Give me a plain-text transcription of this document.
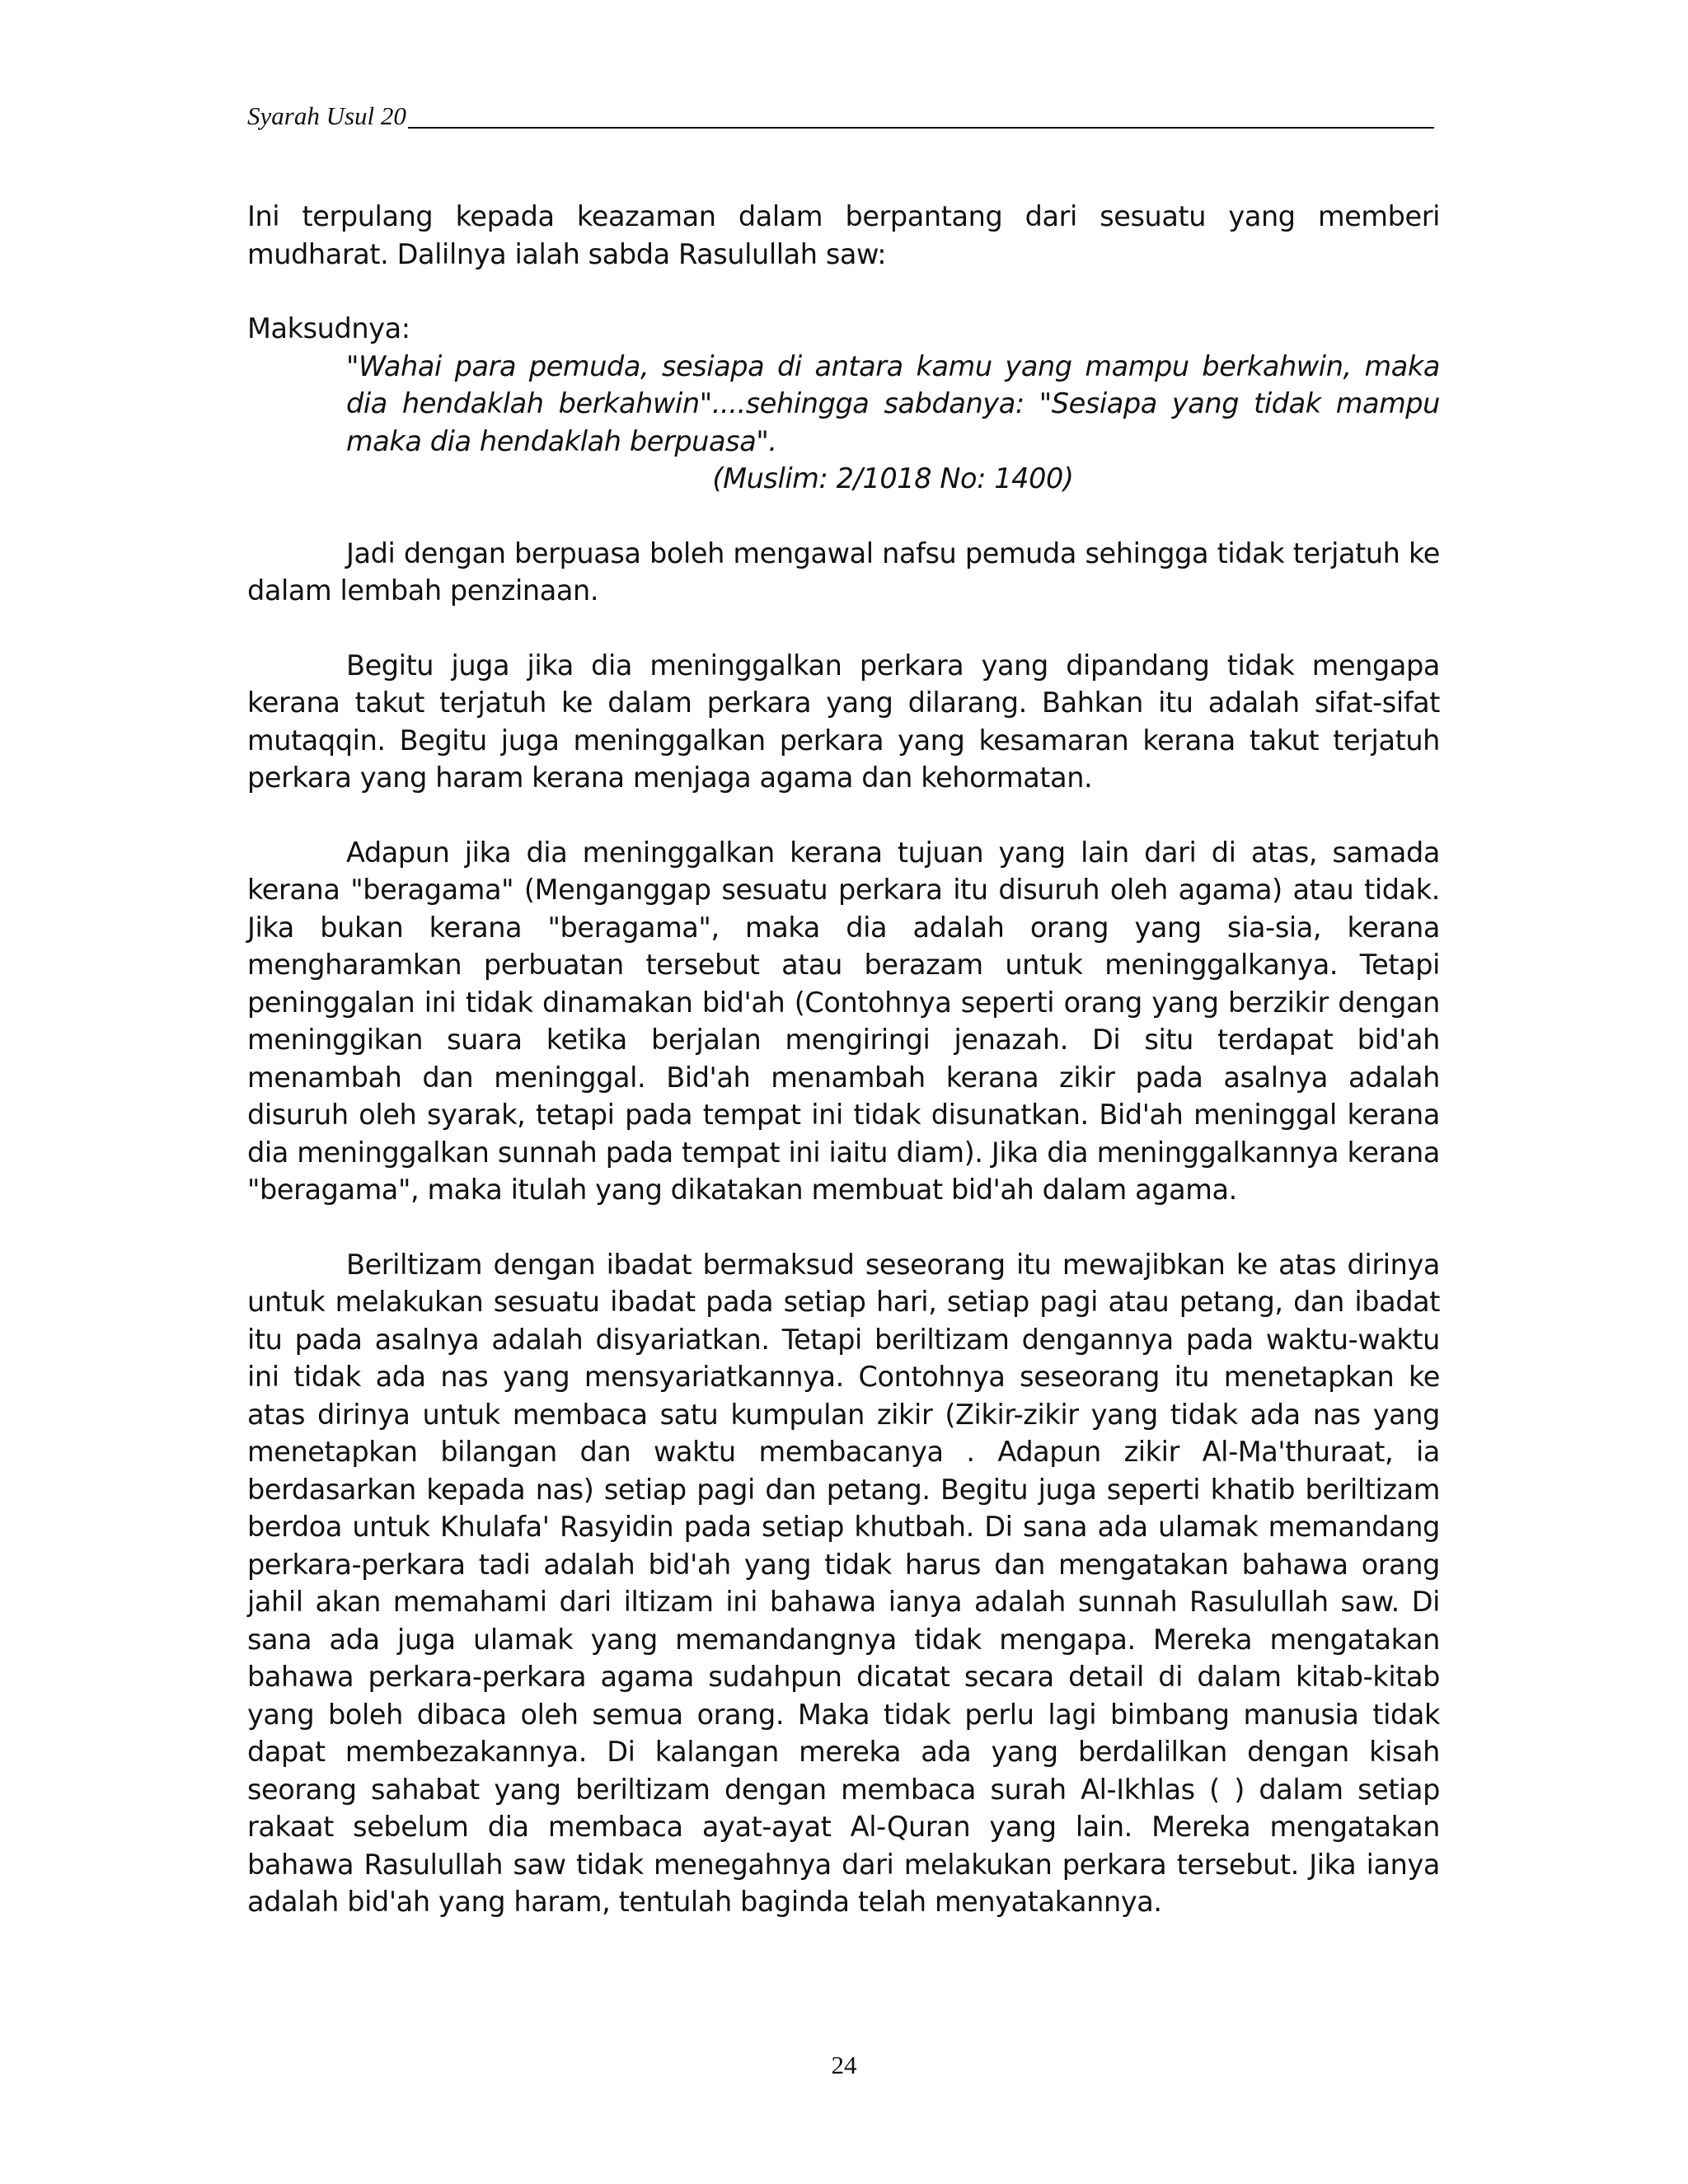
Syarah Usul 20

Ini terpulang kepada keazaman dalam berpantang dari sesuatu yang memberi mudharat. Dalilnya ialah sabda Rasulullah saw:

Maksudnya:

"Wahai para pemuda, sesiapa di antara kamu yang mampu berkahwin, maka dia hendaklah berkahwin"....sehingga sabdanya: "Sesiapa yang tidak mampu maka dia hendaklah berpuasa".

(Muslim: 2/1018 No: 1400)

Jadi dengan berpuasa boleh mengawal nafsu pemuda sehingga tidak terjatuh ke dalam lembah penzinaan.

Begitu juga jika dia meninggalkan perkara yang dipandang tidak mengapa kerana takut terjatuh ke dalam perkara yang dilarang. Bahkan itu adalah sifat-sifat mutaqqin. Begitu juga meninggalkan perkara yang kesamaran kerana takut terjatuh perkara yang haram kerana menjaga agama dan kehormatan.

Adapun jika dia meninggalkan kerana tujuan yang lain dari di atas, samada kerana "beragama" (Menganggap sesuatu perkara itu disuruh oleh agama) atau tidak. Jika bukan kerana "beragama", maka dia adalah orang yang sia-sia, kerana mengharamkan perbuatan tersebut atau berazam untuk meninggalkanya. Tetapi peninggalan ini tidak dinamakan bid'ah (Contohnya seperti orang yang berzikir dengan meninggikan suara ketika berjalan mengiringi jenazah. Di situ terdapat bid'ah menambah dan meninggal. Bid'ah menambah kerana zikir pada asalnya adalah disuruh oleh syarak, tetapi pada tempat ini tidak disunatkan. Bid'ah meninggal kerana dia meninggalkan sunnah pada tempat ini iaitu diam). Jika dia meninggalkannya kerana "beragama", maka itulah yang dikatakan membuat bid'ah dalam agama.

Beriltizam dengan ibadat bermaksud seseorang itu mewajibkan ke atas dirinya untuk melakukan sesuatu ibadat pada setiap hari, setiap pagi atau petang, dan ibadat itu pada asalnya adalah disyariatkan. Tetapi beriltizam dengannya pada waktu-waktu ini tidak ada nas yang mensyariatkannya. Contohnya seseorang itu menetapkan ke atas dirinya untuk membaca satu kumpulan zikir (Zikir-zikir yang tidak ada nas yang menetapkan bilangan dan waktu membacanya . Adapun zikir Al-Ma'thuraat, ia berdasarkan kepada nas) setiap pagi dan petang. Begitu juga seperti khatib beriltizam berdoa untuk Khulafa' Rasyidin pada setiap khutbah. Di sana ada ulamak memandang perkara-perkara tadi adalah bid'ah yang tidak harus dan mengatakan bahawa orang jahil akan memahami dari iltizam ini bahawa ianya adalah sunnah Rasulullah saw. Di sana ada juga ulamak yang memandangnya tidak mengapa. Mereka mengatakan bahawa perkara-perkara agama sudahpun dicatat secara detail di dalam kitab-kitab yang boleh dibaca oleh semua orang. Maka tidak perlu lagi bimbang manusia tidak dapat membezakannya. Di kalangan mereka ada yang berdalilkan dengan kisah seorang sahabat yang beriltizam dengan membaca surah Al-Ikhlas ( ) dalam setiap rakaat sebelum dia membaca ayat-ayat Al-Quran yang lain. Mereka mengatakan bahawa Rasulullah saw tidak menegahnya dari melakukan perkara tersebut. Jika ianya adalah bid'ah yang haram, tentulah baginda telah menyatakannya.

24
